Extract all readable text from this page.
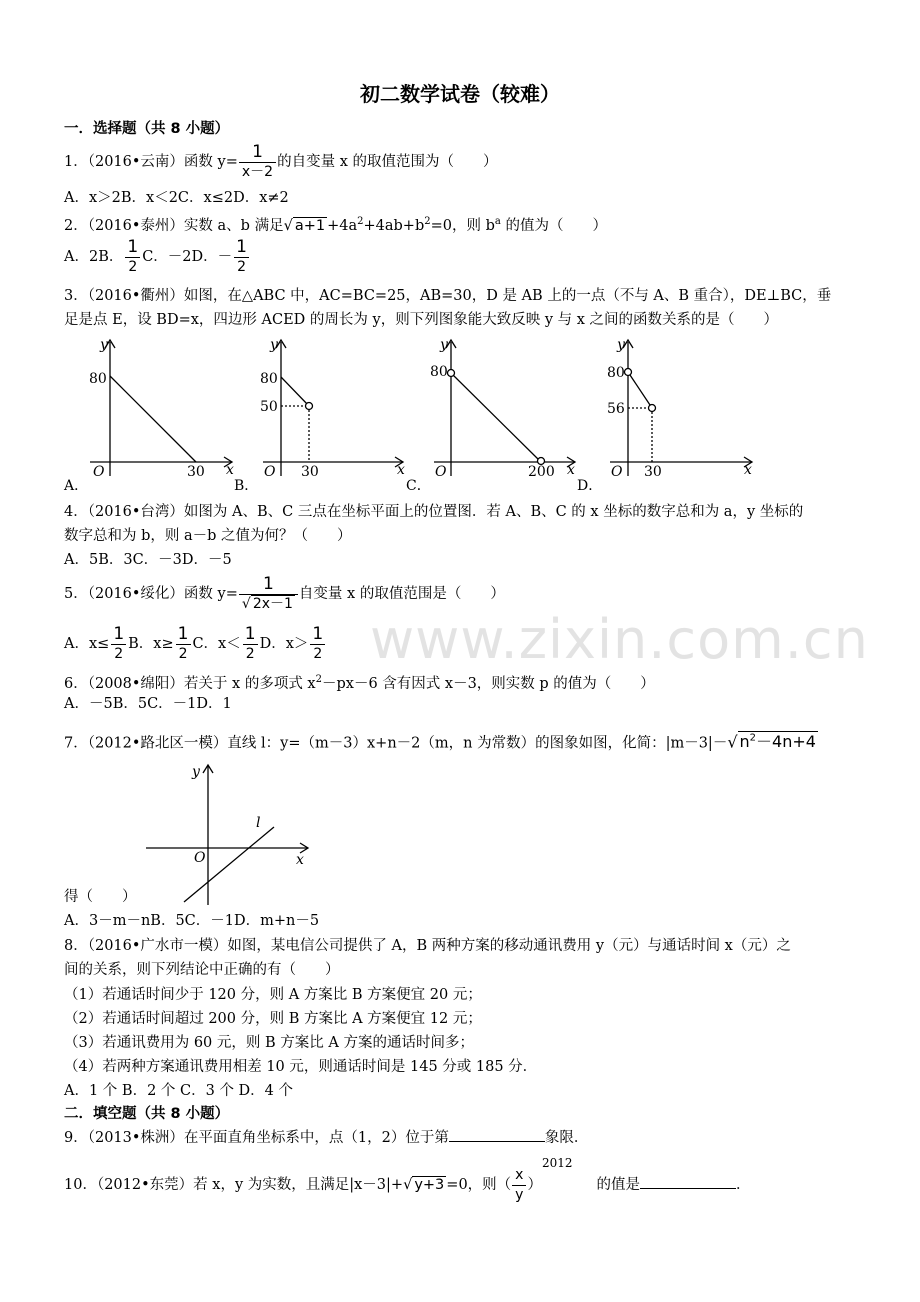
www.zixin.com.cn
初二数学试卷（较难）
一．选择题（共 8 小题）
1．（2016•云南）函数 $y= \frac{1}{x-2}$ 的自变量 x 的取值范围为（　　）
A．x＞2B．x＜2C．x≤2D．x≠2
2．（2016•泰州）实数 a、b 满足√ $a+1 +4a^2+4ab+b^2=0$，则 $b^a$ 的值为（　　）
A．2B． $\frac{1}{2}$ C．－2D．－ $\frac{1}{2}$
3．（2016•衢州）如图，在△ABC 中，AC=BC=25，AB=30，D 是 AB 上的一点（不与 A、B 重合），DE⊥BC，垂
足是点 E，设 BD=x，四边形 ACED 的周长为 y，则下列图象能大致反映 y 与 x 之间的函数关系的是（　　）
y
80
O	30 x
A．
y
80
50
O 30	x
B．
y
80
O	200 x
C．
y
80
56
O 30	x
D．
4．（2016•台湾）如图为 A、B、C 三点在坐标平面上的位置图．若 A、B、C 的 x 坐标的数字总和为 a，y 坐标的
数字总和为 b，则 a－b 之值为何？（　　）
A．5B．3C．－3D．－5
5．（2016•绥化）函数 $y= \frac{1}{√ 2x-1}$ 自变量 x 的取值范围是（　　）
A．$x\le \frac{1}{2}$ B．$x\ge \frac{1}{2}$ C．$x< \frac{1}{2}$ D．$x> \frac{1}{2}$
6．（2008•绵阳）若关于 x 的多项式 $x^2-px-6$ 含有因式 x－3，则实数 p 的值为（　　）
A．－5B．5C．－1D．1
7．（2012•路北区一模）直线 l：y=（m－3）x+n－2（m，n 为常数）的图象如图，化简：|m－3|－√ $n^2-4n+4$
y
O	x
l
得（　　）
A．3－m－nB．5C．－1D．m+n－5
8．（2016•广水市一模）如图，某电信公司提供了 A，B 两种方案的移动通讯费用 y（元）与通话时间 x（元）之
间的关系，则下列结论中正确的有（　　）
（1）若通话时间少于 120 分，则 A 方案比 B 方案便宜 20 元；
（2）若通话时间超过 200 分，则 B 方案比 A 方案便宜 12 元；
（3）若通讯费用为 60 元，则 B 方案比 A 方案的通话时间多；
（4）若两种方案通讯费用相差 10 元，则通话时间是 145 分或 185 分．
A．1 个 B．2 个 C．3 个 D．4 个
二．填空题（共 8 小题）
9．（2013•株洲）在平面直角坐标系中，点（1，2）位于第	象限．
10．（2012•东莞）若 x，y 为实数，且满足|x－3|+√ y+3 =0，则（ $\frac{x}{y} )^{2012}$的值是	．
